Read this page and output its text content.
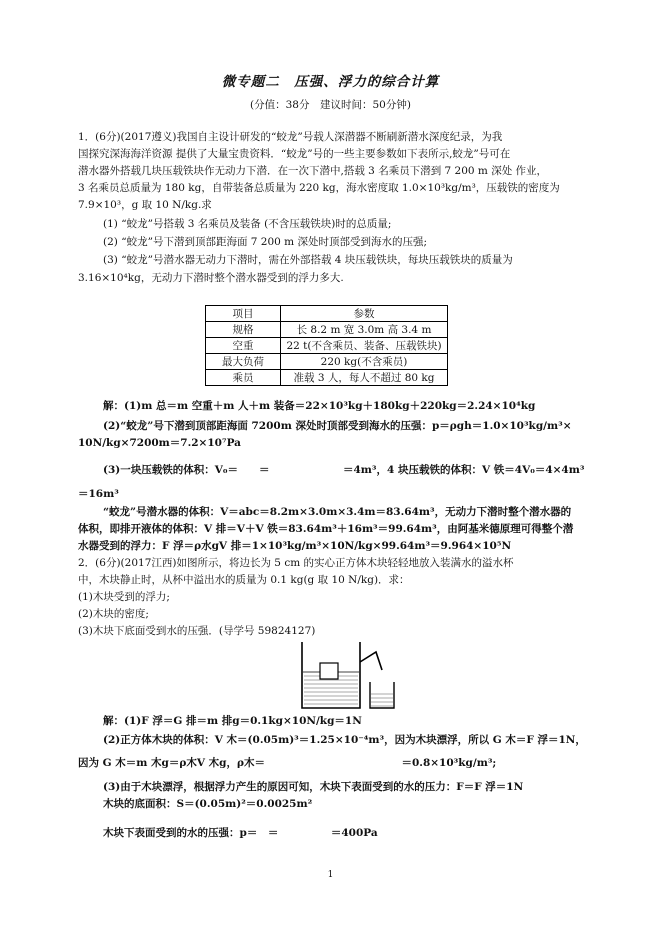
微专题二　压强、浮力的综合计算
(分值：38分　建议时间：50分钟)
1．(6分)(2017遵义)我国自主设计研发的“蛟龙”号载人深潜器不断刷新潜水深度纪录，为我
国探究深海海洋资源 提供了大量宝贵资料．“蛟龙”号的一些主要参数如下表所示,蛟龙”号可在
潜水器外搭载几块压载铁块作无动力下潜．在一次下潜中,搭载 3 名乘员下潜到 7 200 m 深处 作业，
3 名乘员总质量为 180 kg，自带装备总质量为 220 kg，海水密度取 1.0×10³kg/m³，压载铁的密度为
7.9×10³，g 取 10 N/kg.求
(1) “蛟龙”号搭载 3 名乘员及装备 (不含压载铁块)时的总质量;
(2) “蛟龙”号下潜到顶部距海面 7 200 m 深处时顶部受到海水的压强;
(3) “蛟龙”号潜水器无动力下潜时，需在外部搭载 4 块压载铁块，每块压载铁块的质量为
3.16×10⁴kg，无动力下潜时整个潜水器受到的浮力多大.
项目	参数
规格	长 8.2 m 宽 3.0m 高 3.4 m
空重	22 t(不含乘员、装备、压载铁块)
最大负荷	220 kg(不含乘员)
乘员	准载 3 人，每人不超过 80 kg
解：(1)m 总＝m 空重＋m 人＋m 装备＝22×10³kg＋180kg＋220kg＝2.24×10⁴kg
(2)“蛟龙”号下潜到顶部距海面 7200m 深处时顶部受到海水的压强：p＝ρgh＝1.0×10³kg/m³×
10N/kg×7200m＝7.2×10⁷Pa
(3)一块压载铁的体积：V₀＝　　＝　　　　　　　＝4m³，4 块压载铁的体积：V 铁＝4V₀＝4×4m³
＝16m³
“蛟龙”号潜水器的体积：V＝abc＝8.2m×3.0m×3.4m＝83.64m³，无动力下潜时整个潜水器的
体积，即排开液体的体积：V 排＝V＋V 铁＝83.64m³＋16m³＝99.64m³，由阿基米德原理可得整个潜
水器受到的浮力：F 浮＝ρ水gV 排＝1×10³kg/m³×10N/kg×99.64m³＝9.964×10⁵N
2．(6分)(2017江西)如图所示，将边长为 5 cm 的实心正方体木块轻轻地放入装满水的溢水杯
中，木块静止时，从杯中溢出水的质量为 0.1 kg(g 取 10 N/kg)．求：
(1)木块受到的浮力;
(2)木块的密度;
(3)木块下底面受到水的压强．(导学号 59824127)
解：(1)F 浮＝G 排＝m 排g＝0.1kg×10N/kg＝1N
(2)正方体木块的体积：V 木＝(0.05m)³＝1.25×10⁻⁴m³，因为木块漂浮，所以 G 木＝F 浮＝1N，
因为 G 木＝m 木g＝ρ木V 木g，ρ木＝　　　　　　　　　　　　　＝0.8×10³kg/m³;
(3)由于木块漂浮，根据浮力产生的原因可知，木块下表面受到的水的压力：F＝F 浮＝1N
木块的底面积：S＝(0.05m)²＝0.0025m²
木块下表面受到的水的压强：p＝　＝　　　　　＝400Pa
1
